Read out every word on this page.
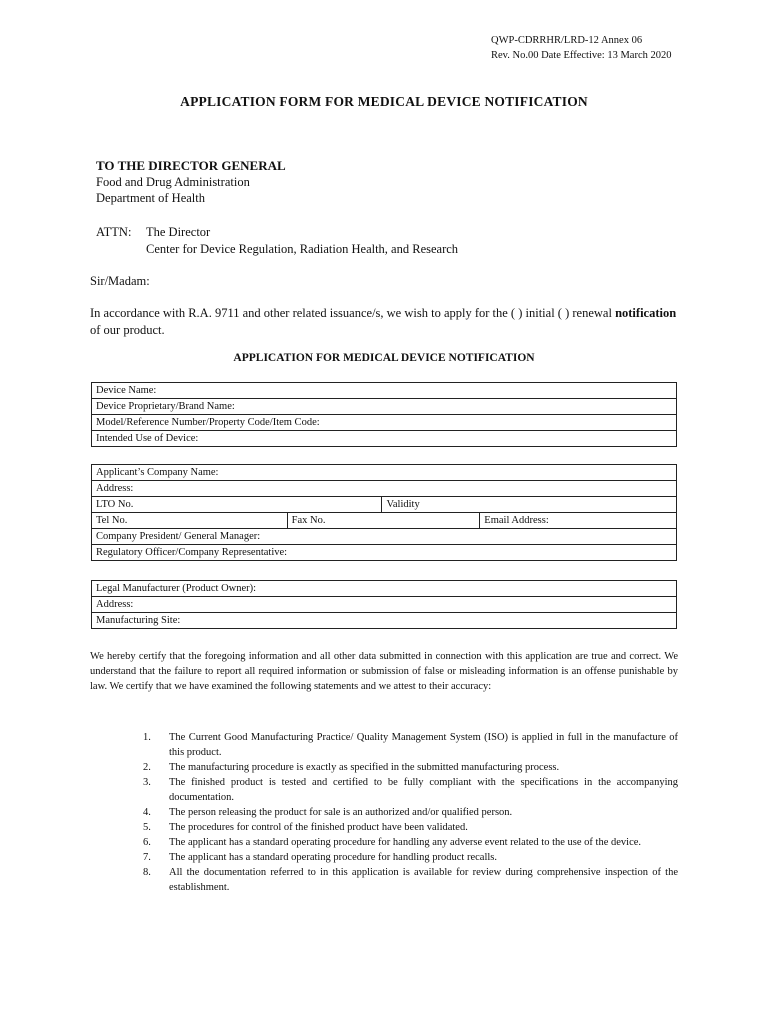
QWP-CDRRHR/LRD-12 Annex 06
Rev. No.00 Date Effective: 13 March 2020
APPLICATION FORM FOR MEDICAL DEVICE NOTIFICATION
TO THE DIRECTOR GENERAL
Food and Drug Administration
Department of Health
ATTN:	The Director
Center for Device Regulation, Radiation Health, and Research
Sir/Madam:
In accordance with R.A. 9711 and other related issuance/s, we wish to apply for the ( ) initial ( ) renewal notification of our product.
APPLICATION FOR MEDICAL DEVICE NOTIFICATION
Device Name:
Device Proprietary/Brand Name:
Model/Reference Number/Property Code/Item Code:
Intended Use of Device:
Applicant’s Company Name:			
Address:			
LTO No.		Validity	
Tel No.	Fax No.		Email Address:
Company President/ General Manager:			
Regulatory Officer/Company Representative:			
Legal Manufacturer (Product Owner):
Address:
Manufacturing Site:
We hereby certify that the foregoing information and all other data submitted in connection with this application are true and correct. We understand that the failure to report all required information or submission of false or misleading information is an offense punishable by law. We certify that we have examined the following statements and we attest to their accuracy:
1.	The Current Good Manufacturing Practice/ Quality Management System (ISO) is applied in full in the manufacture of this product.
2.	The manufacturing procedure is exactly as specified in the submitted manufacturing process.
3.	The finished product is tested and certified to be fully compliant with the specifications in the accompanying documentation.
4.	The person releasing the product for sale is an authorized and/or qualified person.
5.	The procedures for control of the finished product have been validated.
6.	The applicant has a standard operating procedure for handling any adverse event related to the use of the device.
7.	The applicant has a standard operating procedure for handling product recalls.
8.	All the documentation referred to in this application is available for review during comprehensive inspection of the establishment.
